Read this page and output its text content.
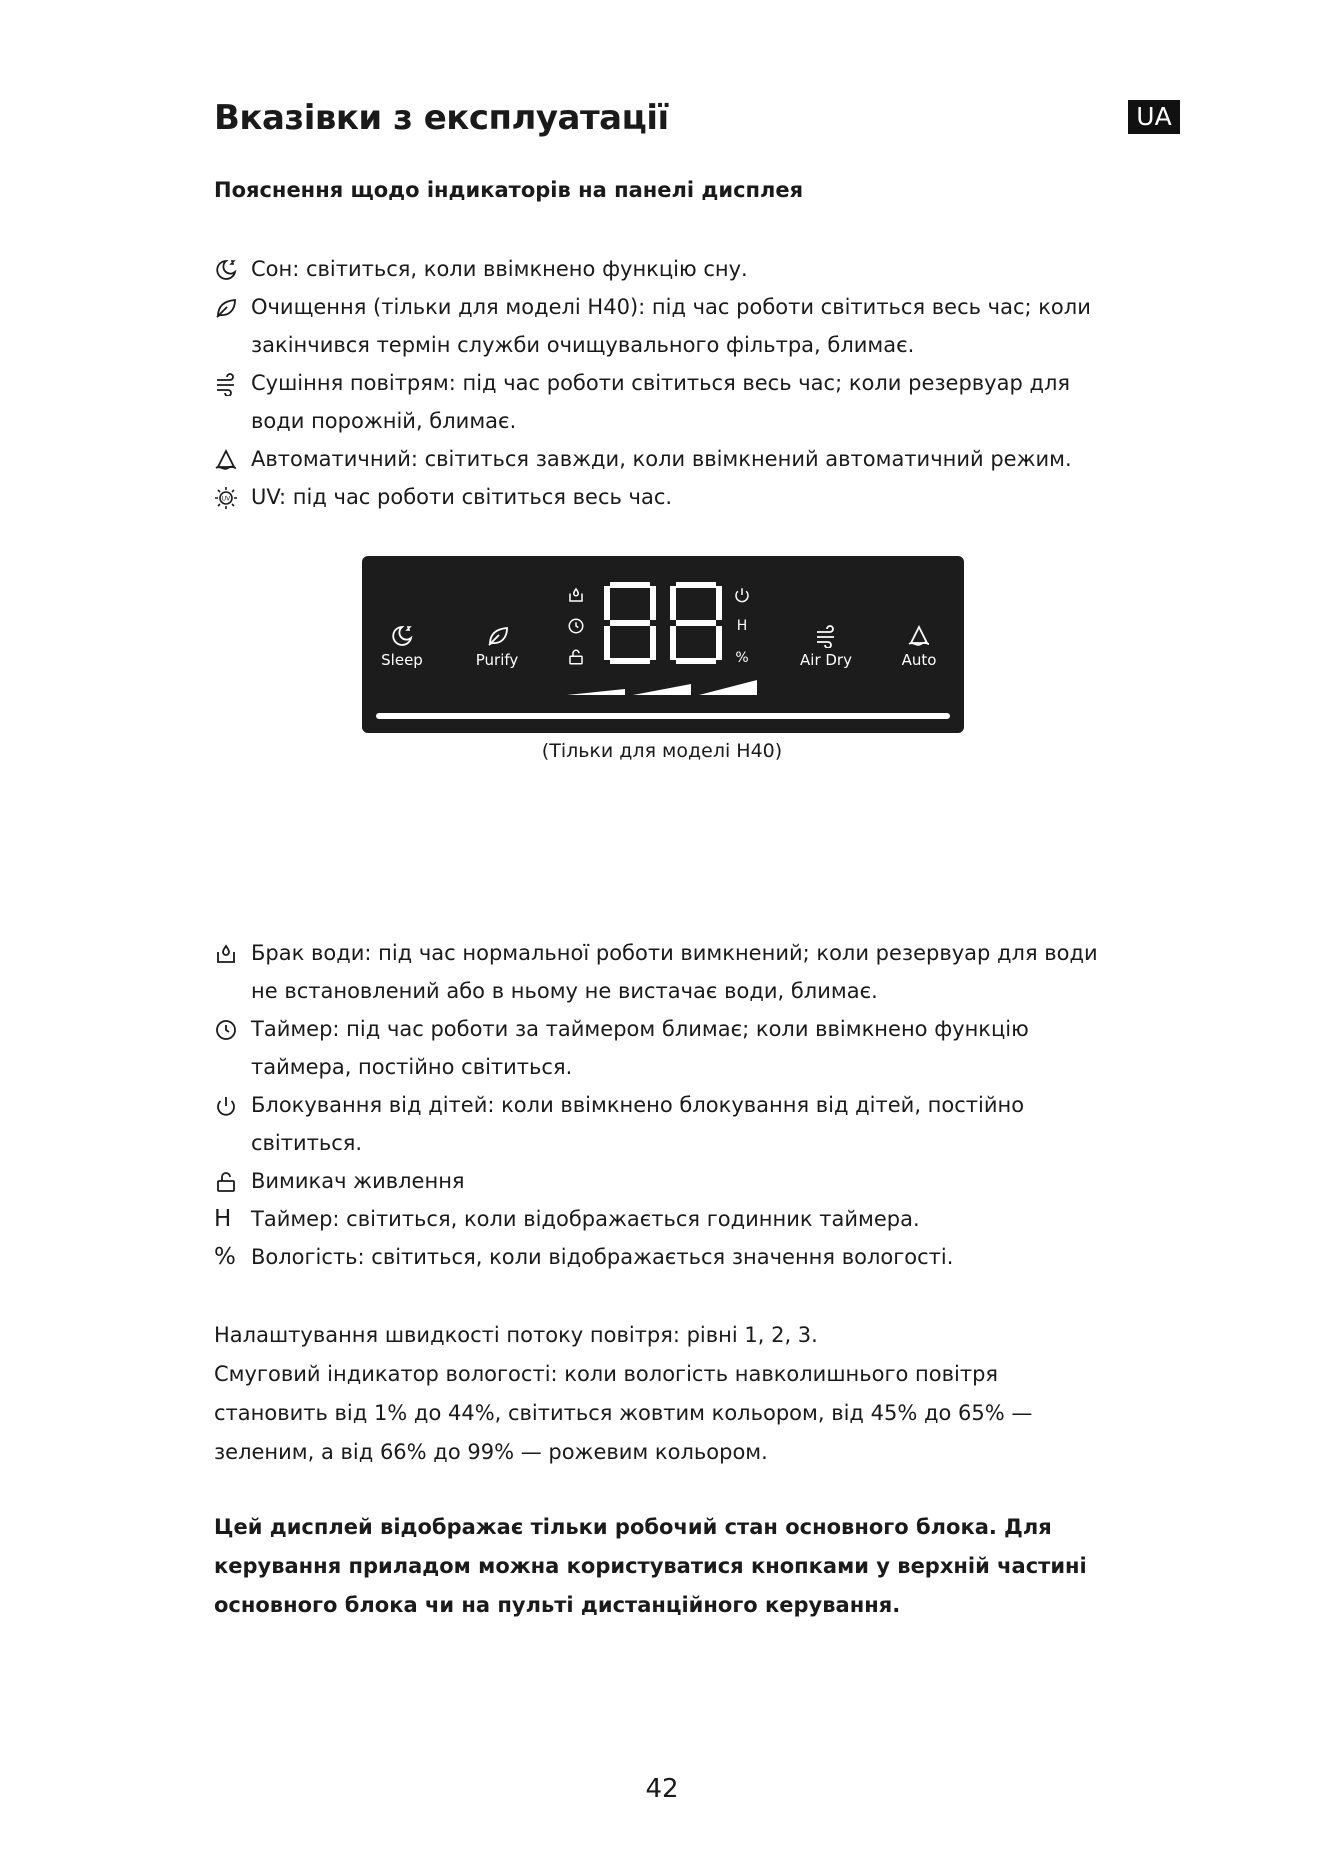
Вказівки з експлуатації	UA
Пояснення щодо індикаторів на панелі дисплея
Сон: світиться, коли ввімкнено функцію сну.
Очищення (тільки для моделі H40): під час роботи світиться весь час; коли закінчився термін служби очищувального фільтра, блимає.
Сушіння повітрям: під час роботи світиться весь час; коли резервуар для води порожній, блимає.
Автоматичний: світиться завжди, коли ввімкнений автоматичний режим.
UV UV: під час роботи світиться весь час.
Sleep	Purify
H
%	Air Dry	Auto
(Тільки для моделі H40)
Брак води: під час нормальної роботи вимкнений; коли резервуар для води не встановлений або в ньому не вистачає води, блимає.
Таймер: під час роботи за таймером блимає; коли ввімкнено функцію таймера, постійно світиться.
Блокування від дітей: коли ввімкнено блокування від дітей, постійно світиться.
Вимикач живлення
H Таймер: світиться, коли відображається годинник таймера.
% Вологість: світиться, коли відображається значення вологості.
Налаштування швидкості потоку повітря: рівні 1, 2, 3.
Смуговий індикатор вологості: коли вологість навколишнього повітря
становить від 1% до 44%, світиться жовтим кольором, від 45% до 65% —
зеленим, а від 66% до 99% — рожевим кольором.
Цей дисплей відображає тільки робочий стан основного блока. Для
керування приладом можна користуватися кнопками у верхній частині
основного блока чи на пульті дистанційного керування.
42
